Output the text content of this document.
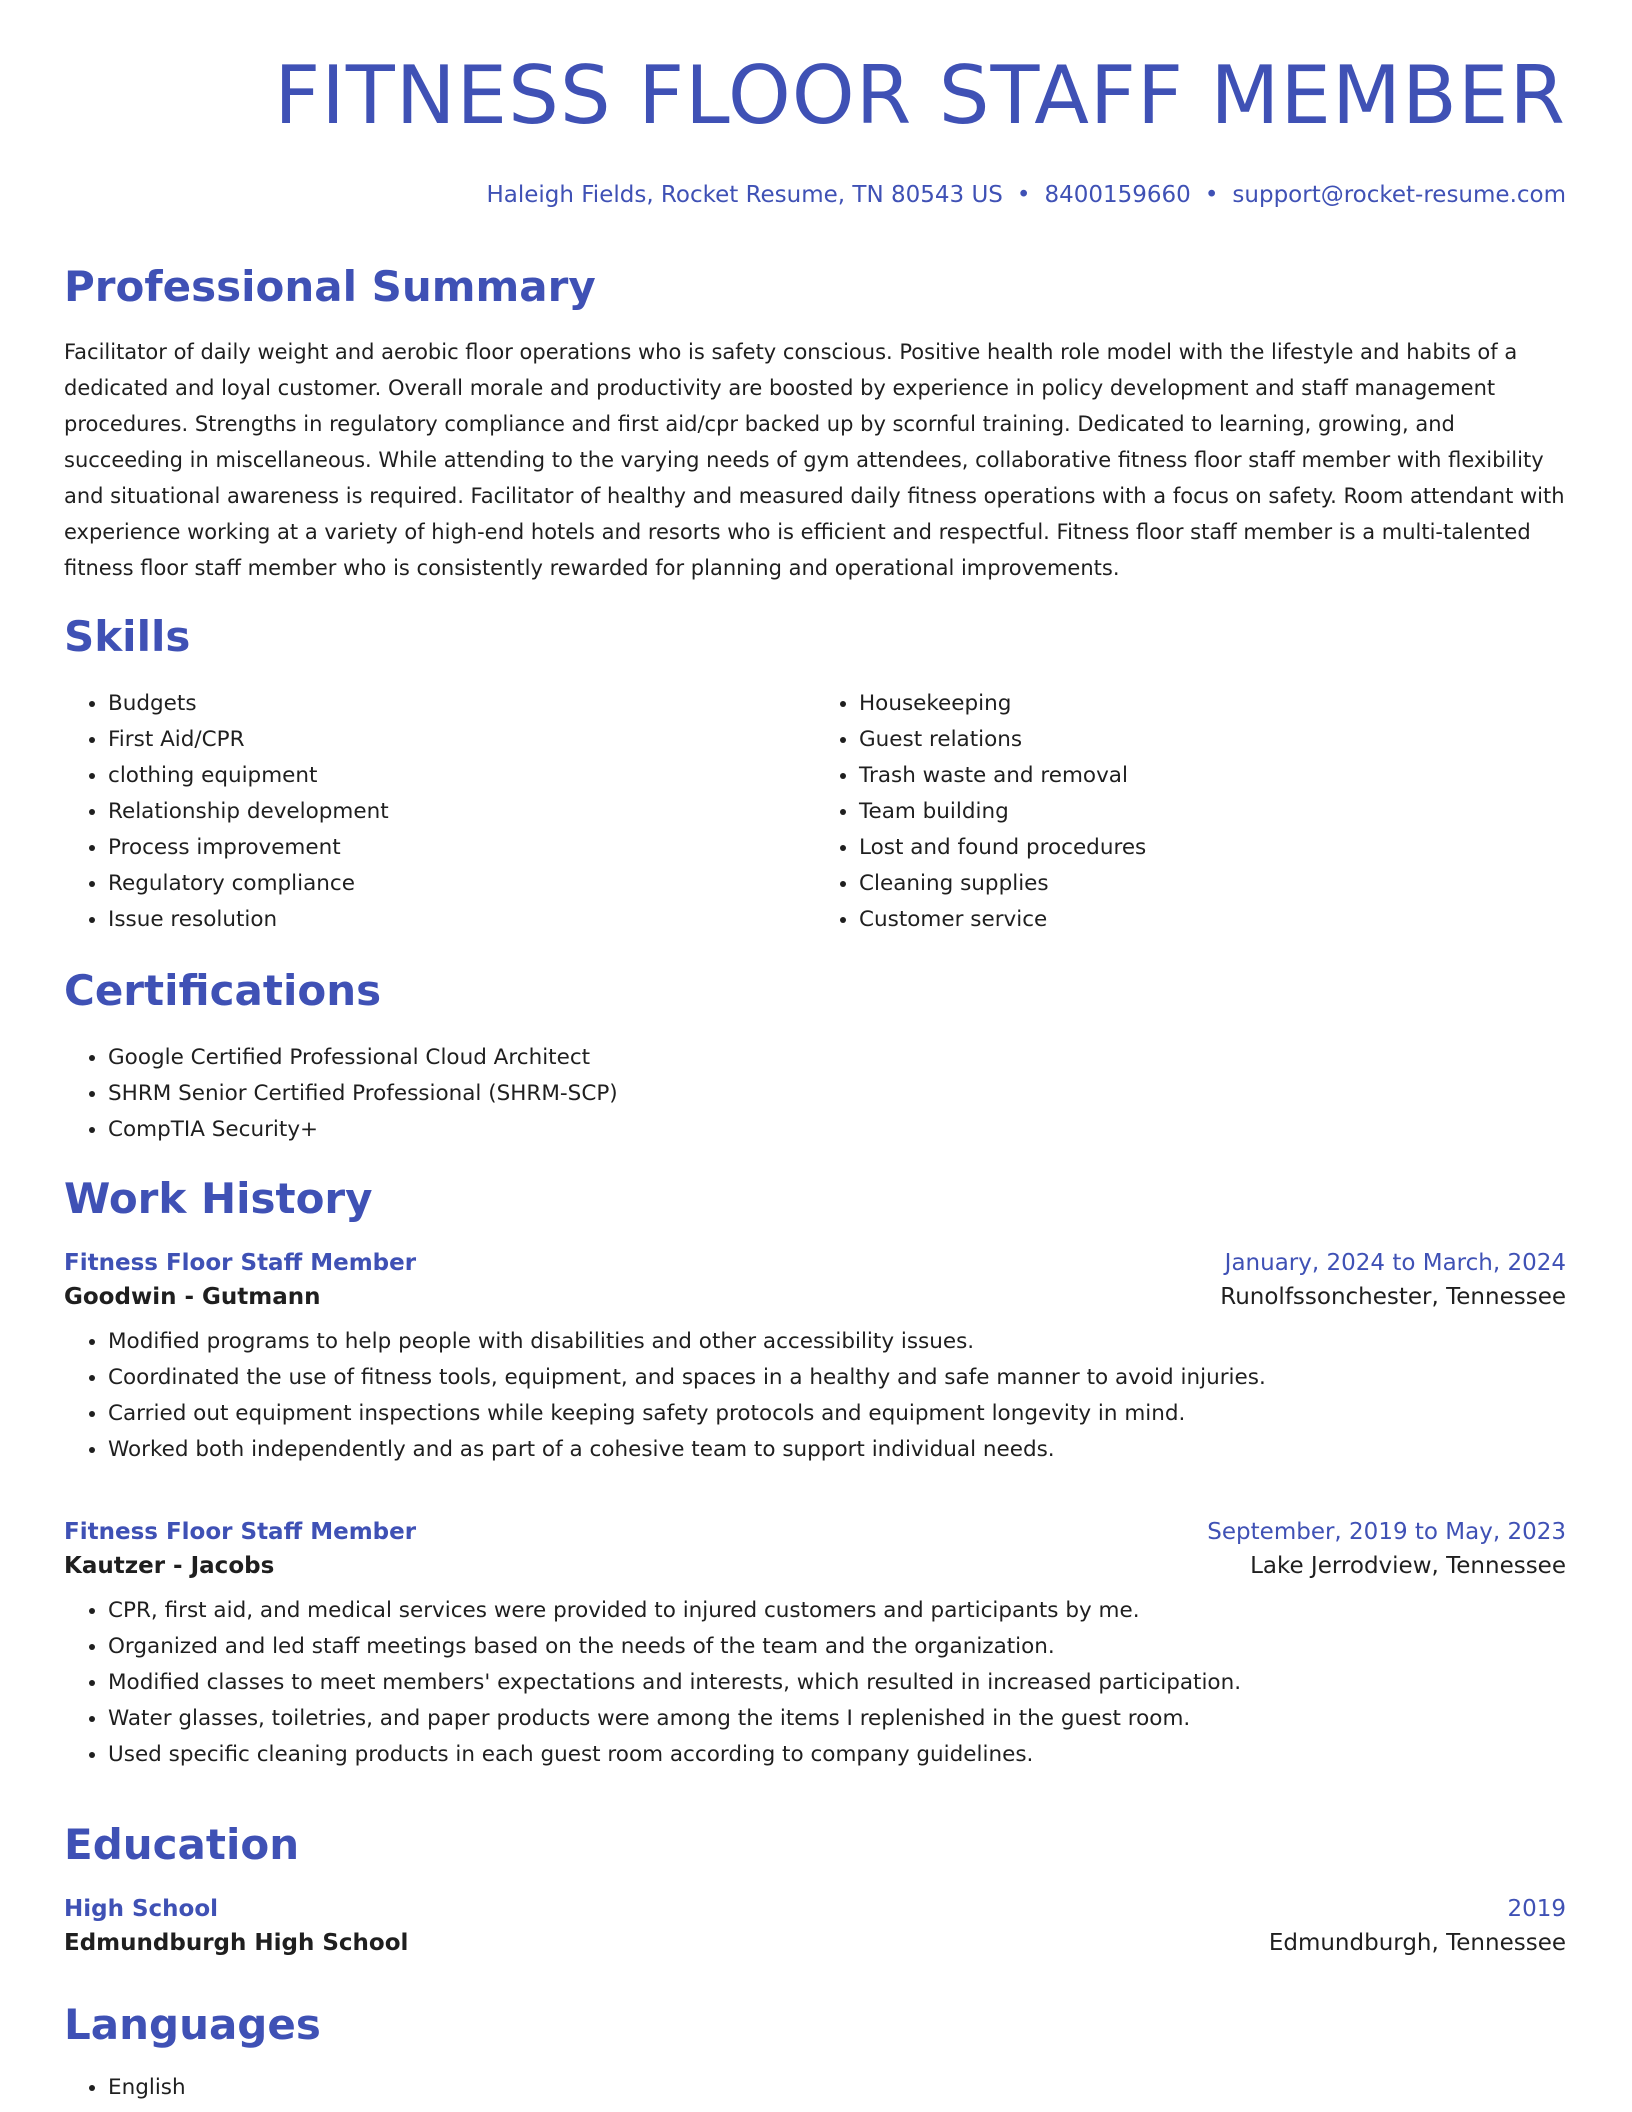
FITNESS FLOOR STAFF MEMBER
Haleigh Fields, Rocket Resume, TN 80543 US • 8400159660 • support@rocket-resume.com
Professional Summary

Facilitator of daily weight and aerobic floor operations who is safety conscious. Positive health role model with the lifestyle and habits of a dedicated and loyal customer. Overall morale and productivity are boosted by experience in policy development and staff management procedures. Strengths in regulatory compliance and first aid/cpr backed up by scornful training. Dedicated to learning, growing, and succeeding in miscellaneous. While attending to the varying needs of gym attendees, collaborative fitness floor staff member with flexibility and situational awareness is required. Facilitator of healthy and measured daily fitness operations with a focus on safety. Room attendant with experience working at a variety of high-end hotels and resorts who is efficient and respectful. Fitness floor staff member is a multi-talented fitness floor staff member who is consistently rewarded for planning and operational improvements.

Skills
• Budgets
• First Aid/CPR
• clothing equipment
• Relationship development
• Process improvement
• Regulatory compliance
• Issue resolution
• Housekeeping
• Guest relations
• Trash waste and removal
• Team building
• Lost and found procedures
• Cleaning supplies
• Customer service
Certifications
• Google Certified Professional Cloud Architect
• SHRM Senior Certified Professional (SHRM-SCP)
• CompTIA Security+
Work History
Fitness Floor Staff Member	January, 2024 to March, 2024
Goodwin - Gutmann	Runolfssonchester, Tennessee
• Modified programs to help people with disabilities and other accessibility issues.
• Coordinated the use of fitness tools, equipment, and spaces in a healthy and safe manner to avoid injuries.
• Carried out equipment inspections while keeping safety protocols and equipment longevity in mind.
• Worked both independently and as part of a cohesive team to support individual needs.
Fitness Floor Staff Member	September, 2019 to May, 2023
Kautzer - Jacobs	Lake Jerrodview, Tennessee
• CPR, first aid, and medical services were provided to injured customers and participants by me.
• Organized and led staff meetings based on the needs of the team and the organization.
• Modified classes to meet members' expectations and interests, which resulted in increased participation.
• Water glasses, toiletries, and paper products were among the items I replenished in the guest room.
• Used specific cleaning products in each guest room according to company guidelines.
Education
High School	2019
Edmundburgh High School	Edmundburgh, Tennessee
Languages
• English
